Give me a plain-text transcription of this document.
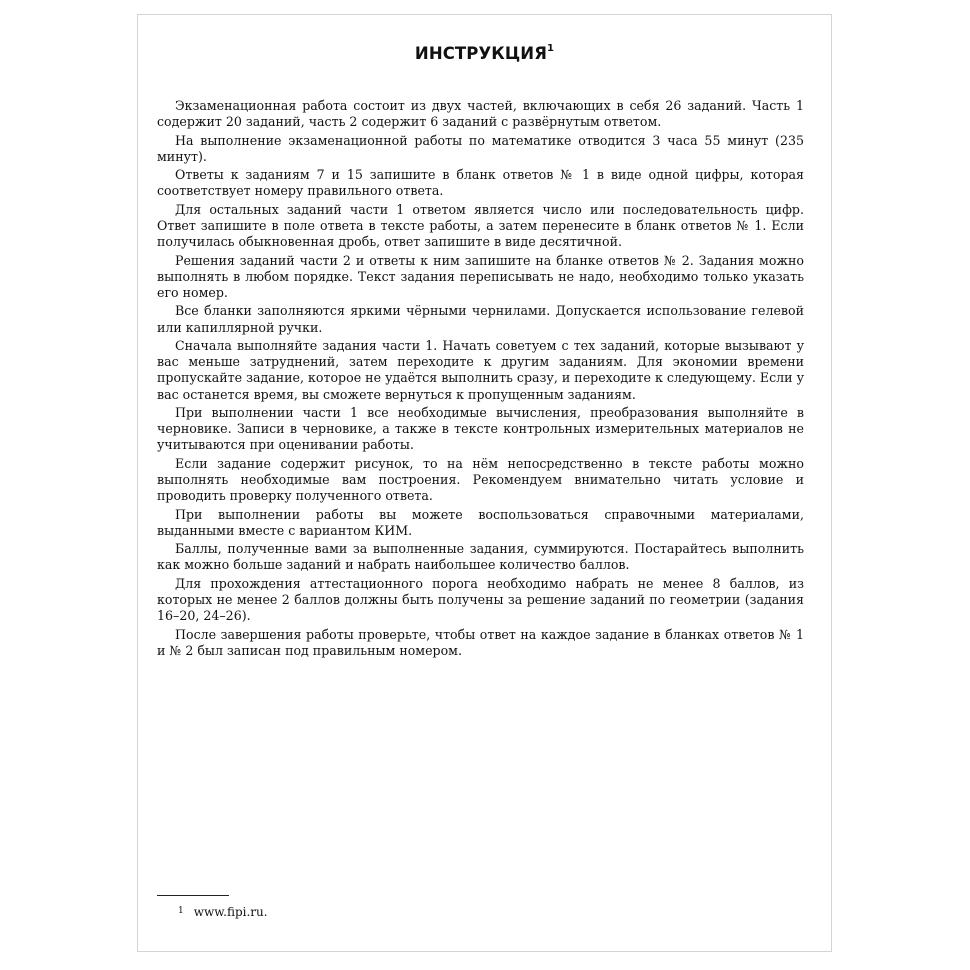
ИНСТРУКЦИЯ$^1$

Экзаменационная работа состоит из двух частей, включающих в себя 26 заданий. Часть 1 содержит 20 заданий, часть 2 содержит 6 заданий с развёрнутым ответом.

На выполнение экзаменационной работы по математике отводится 3 часа 55 минут (235 минут).

Ответы к заданиям 7 и 15 запишите в бланк ответов № 1 в виде одной цифры, которая соответствует номеру правильного ответа.

Для остальных заданий части 1 ответом является число или последовательность цифр. Ответ запишите в поле ответа в тексте работы, а затем перенесите в бланк ответов № 1. Если получилась обыкновенная дробь, ответ запишите в виде десятичной.

Решения заданий части 2 и ответы к ним запишите на бланке ответов № 2. Задания можно выполнять в любом порядке. Текст задания переписывать не надо, необходимо только указать его номер.

Все бланки заполняются яркими чёрными чернилами. Допускается использование гелевой или капиллярной ручки.

Сначала выполняйте задания части 1. Начать советуем с тех заданий, которые вызывают у вас меньше затруднений, затем переходите к другим заданиям. Для экономии времени пропускайте задание, которое не удаётся выполнить сразу, и переходите к следующему. Если у вас останется время, вы сможете вернуться к пропущенным заданиям.

При выполнении части 1 все необходимые вычисления, преобразования выполняйте в черновике. Записи в черновике, а также в тексте контрольных измерительных материалов не учитываются при оценивании работы.

Если задание содержит рисунок, то на нём непосредственно в тексте работы можно выполнять необходимые вам построения. Рекомендуем внимательно читать условие и проводить проверку полученного ответа.

При выполнении работы вы можете воспользоваться справочными материалами, выданными вместе с вариантом КИМ.

Баллы, полученные вами за выполненные задания, суммируются. Постарайтесь выполнить как можно больше заданий и набрать наибольшее количество баллов.

Для прохождения аттестационного порога необходимо набрать не менее 8 баллов, из которых не менее 2 баллов должны быть получены за решение заданий по геометрии (задания 16–20, 24–26).

После завершения работы проверьте, чтобы ответ на каждое задание в бланках ответов № 1 и № 2 был записан под правильным номером.

$^1$ www.fipi.ru.
